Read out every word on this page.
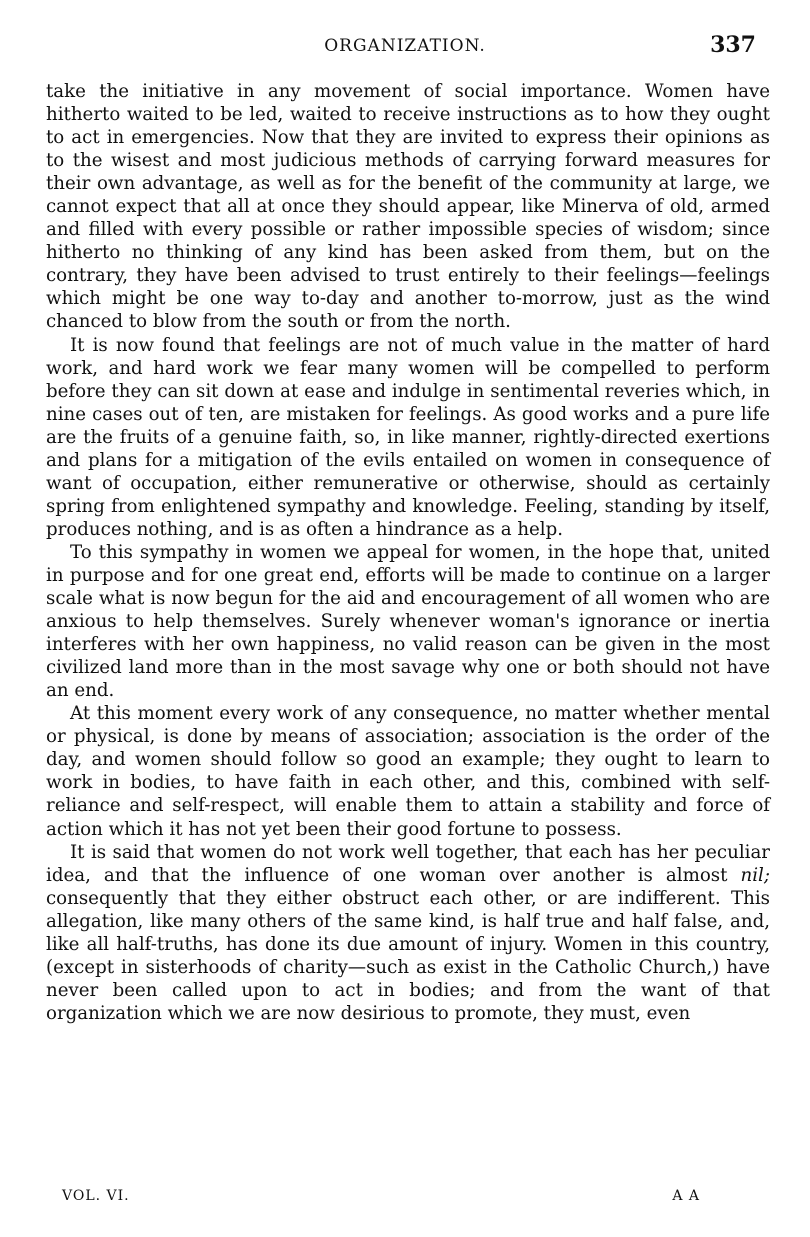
ORGANIZATION.	337

take the initiative in any movement of social importance. Women have hitherto waited to be led, waited to receive instructions as to how they ought to act in emergencies. Now that they are invited to express their opinions as to the wisest and most judicious methods of carrying forward measures for their own advantage, as well as for the benefit of the community at large, we cannot expect that all at once they should appear, like Minerva of old, armed and filled with every possible or rather impossible species of wisdom; since hitherto no thinking of any kind has been asked from them, but on the contrary, they have been advised to trust entirely to their feelings—feelings which might be one way to-day and another to-morrow, just as the wind chanced to blow from the south or from the north.

It is now found that feelings are not of much value in the matter of hard work, and hard work we fear many women will be compelled to perform before they can sit down at ease and indulge in sentimental reveries which, in nine cases out of ten, are mistaken for feelings. As good works and a pure life are the fruits of a genuine faith, so, in like manner, rightly-directed exertions and plans for a mitigation of the evils entailed on women in consequence of want of occupation, either remunerative or otherwise, should as certainly spring from enlightened sympathy and knowledge. Feeling, standing by itself, produces nothing, and is as often a hindrance as a help.

To this sympathy in women we appeal for women, in the hope that, united in purpose and for one great end, efforts will be made to continue on a larger scale what is now begun for the aid and encouragement of all women who are anxious to help themselves. Surely whenever woman's ignorance or inertia interferes with her own happiness, no valid reason can be given in the most civilized land more than in the most savage why one or both should not have an end.

At this moment every work of any consequence, no matter whether mental or physical, is done by means of association; association is the order of the day, and women should follow so good an example; they ought to learn to work in bodies, to have faith in each other, and this, combined with self-reliance and self-respect, will enable them to attain a stability and force of action which it has not yet been their good fortune to possess.

It is said that women do not work well together, that each has her peculiar idea, and that the influence of one woman over another is almost nil; consequently that they either obstruct each other, or are indifferent. This allegation, like many others of the same kind, is half true and half false, and, like all half-truths, has done its due amount of injury. Women in this country, (except in sisterhoods of charity—such as exist in the Catholic Church,) have never been called upon to act in bodies; and from the want of that organization which we are now desirious to promote, they must, even

VOL. VI.	A A
